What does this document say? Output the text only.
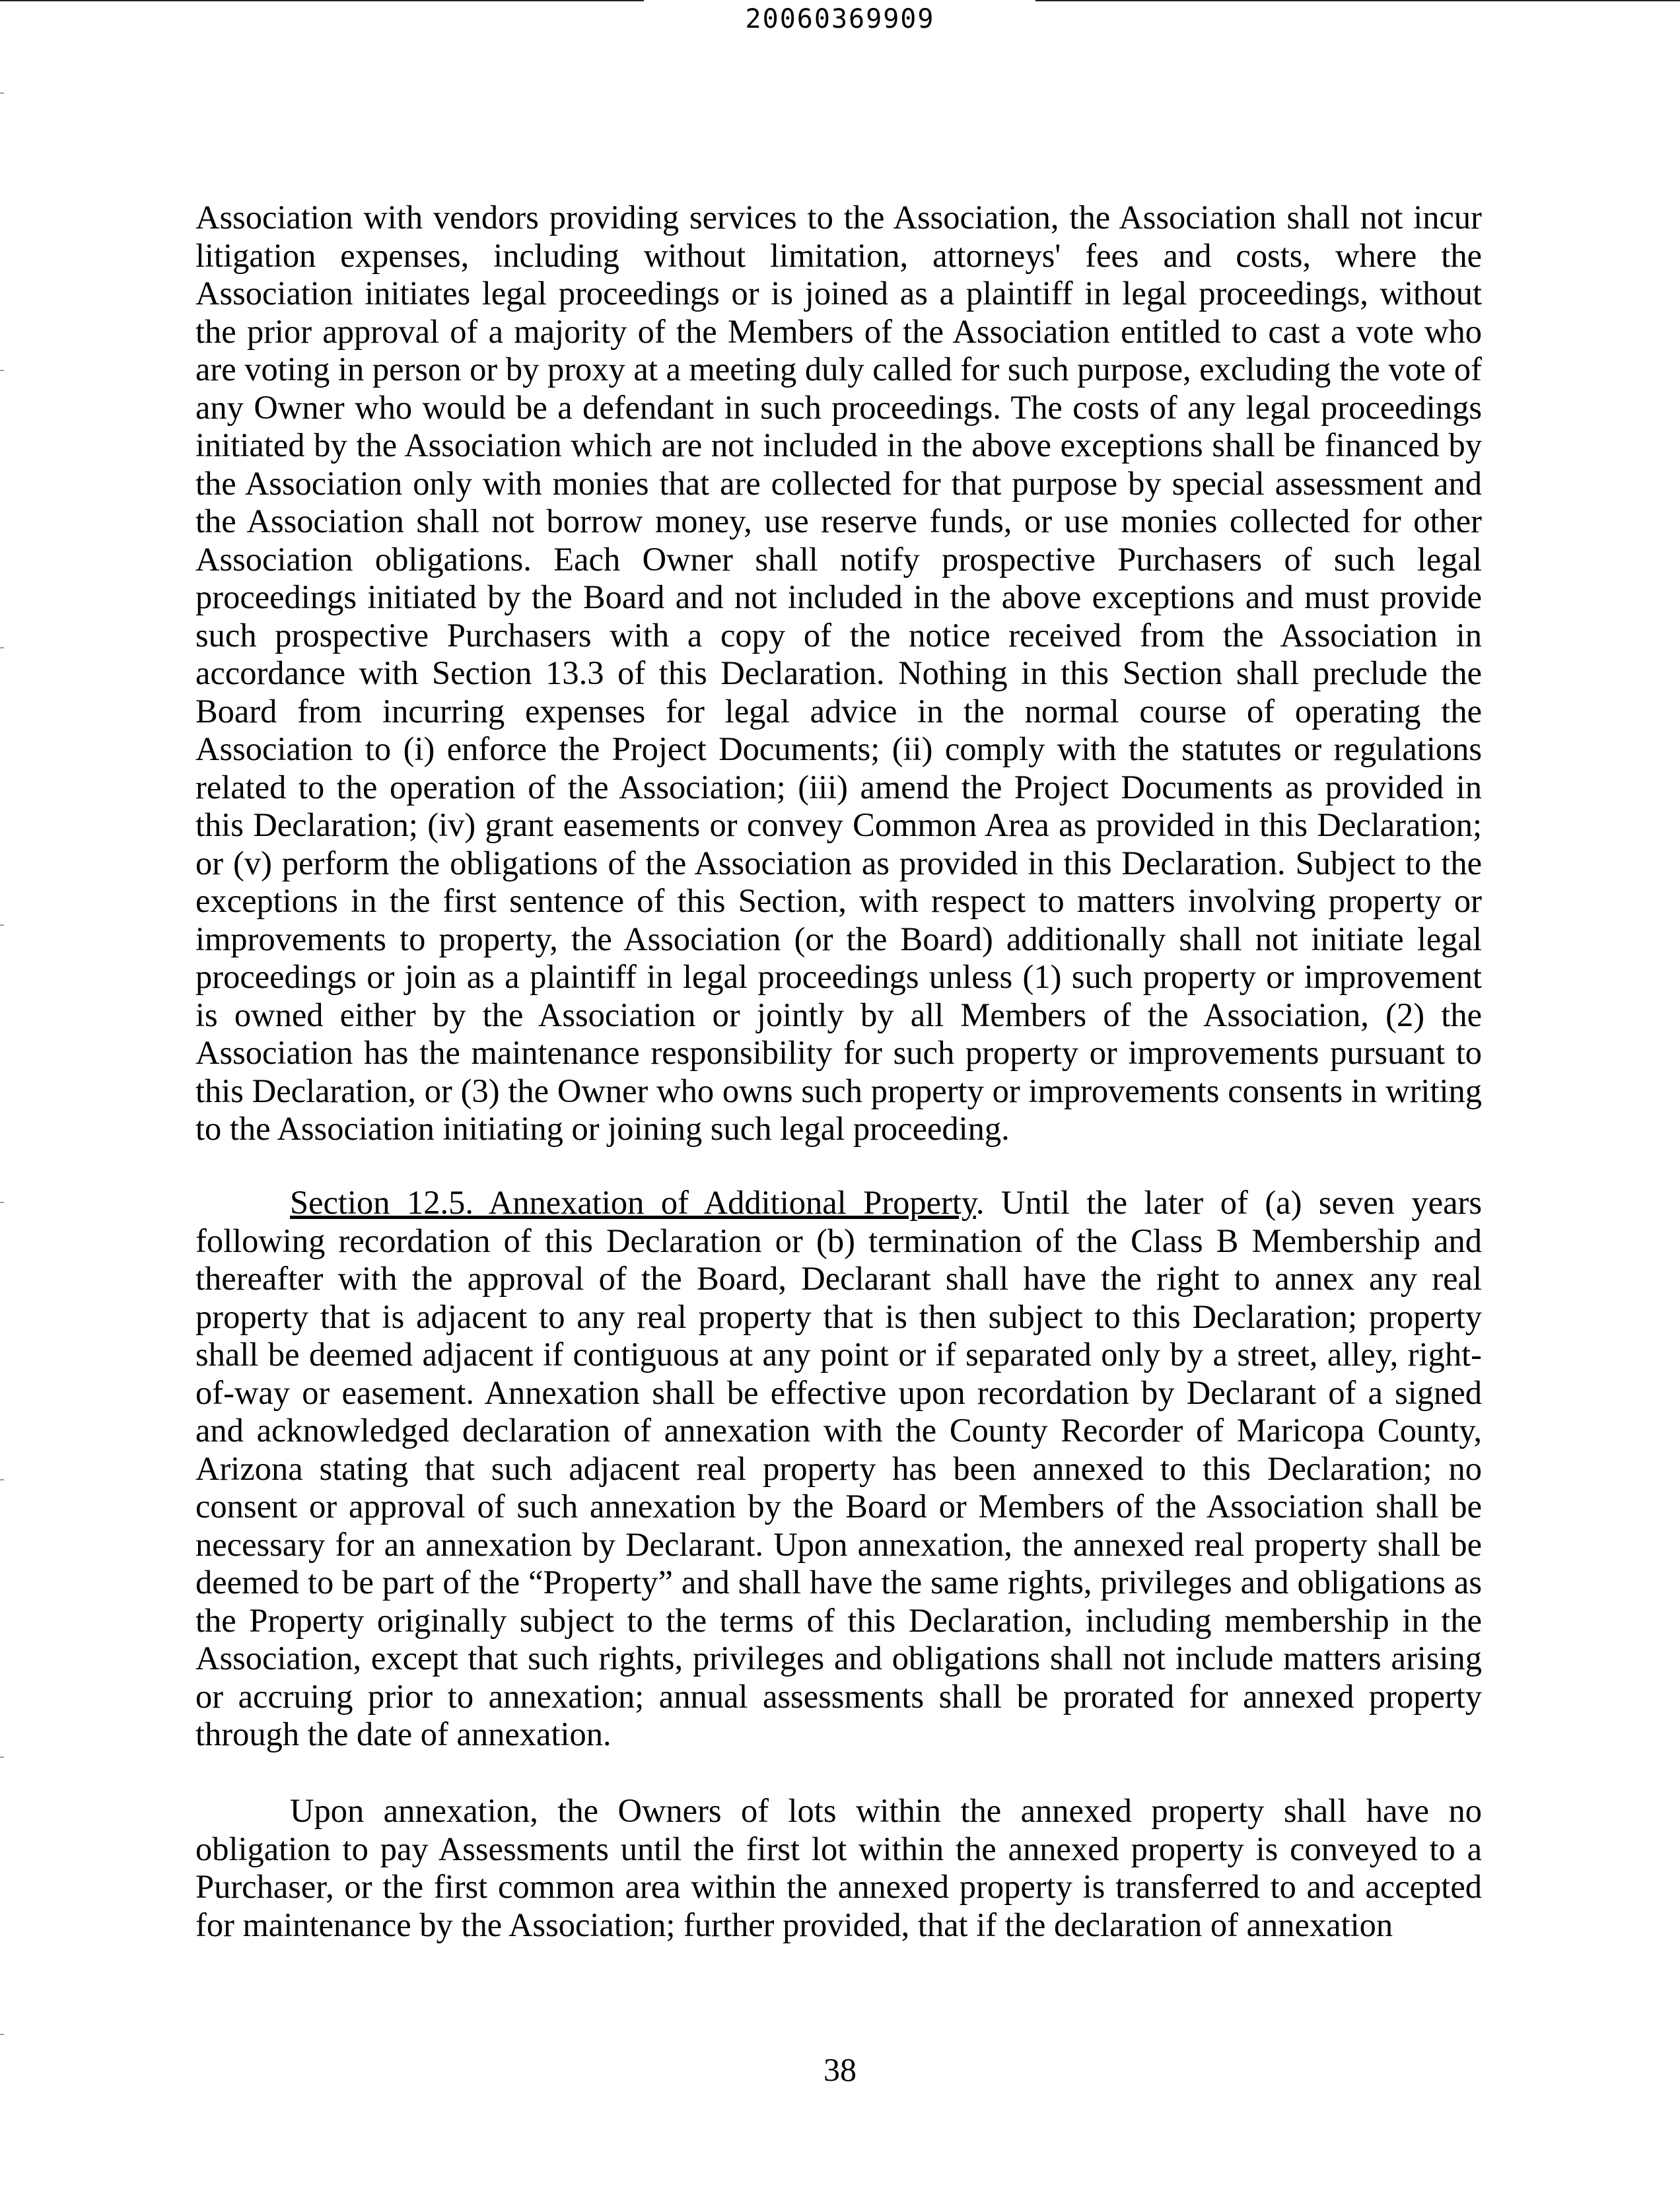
20060369909

Association with vendors providing services to the Association, the Association shall not incur litigation expenses, including without limitation, attorneys' fees and costs, where the Association initiates legal proceedings or is joined as a plaintiff in legal proceedings, without the prior approval of a majority of the Members of the Association entitled to cast a vote who are voting in person or by proxy at a meeting duly called for such purpose, excluding the vote of any Owner who would be a defendant in such proceedings. The costs of any legal proceedings initiated by the Association which are not included in the above exceptions shall be financed by the Association only with monies that are collected for that purpose by special assessment and the Association shall not borrow money, use reserve funds, or use monies collected for other Association obligations. Each Owner shall notify prospective Purchasers of such legal proceedings initiated by the Board and not included in the above exceptions and must provide such prospective Purchasers with a copy of the notice received from the Association in accordance with Section 13.3 of this Declaration. Nothing in this Section shall preclude the Board from incurring expenses for legal advice in the normal course of operating the Association to (i) enforce the Project Documents; (ii) comply with the statutes or regulations related to the operation of the Association; (iii) amend the Project Documents as provided in this Declaration; (iv) grant easements or convey Common Area as provided in this Declaration; or (v) perform the obligations of the Association as provided in this Declaration. Subject to the exceptions in the first sentence of this Section, with respect to matters involving property or improvements to property, the Association (or the Board) additionally shall not initiate legal proceedings or join as a plaintiff in legal proceedings unless (1) such property or improvement is owned either by the Association or jointly by all Members of the Association, (2) the Association has the maintenance responsibility for such property or improvements pursuant to this Declaration, or (3) the Owner who owns such property or improvements consents in writing to the Association initiating or joining such legal proceeding.

Section 12.5. Annexation of Additional Property. Until the later of (a) seven years following recordation of this Declaration or (b) termination of the Class B Membership and thereafter with the approval of the Board, Declarant shall have the right to annex any real property that is adjacent to any real property that is then subject to this Declaration; property shall be deemed adjacent if contiguous at any point or if separated only by a street, alley, right-of-way or easement. Annexation shall be effective upon recordation by Declarant of a signed and acknowledged declaration of annexation with the County Recorder of Maricopa County, Arizona stating that such adjacent real property has been annexed to this Declaration; no consent or approval of such annexation by the Board or Members of the Association shall be necessary for an annexation by Declarant. Upon annexation, the annexed real property shall be deemed to be part of the “Property” and shall have the same rights, privileges and obligations as the Property originally subject to the terms of this Declaration, including membership in the Association, except that such rights, privileges and obligations shall not include matters arising or accruing prior to annexation; annual assessments shall be prorated for annexed property through the date of annexation.

Upon annexation, the Owners of lots within the annexed property shall have no obligation to pay Assessments until the first lot within the annexed property is conveyed to a Purchaser, or the first common area within the annexed property is transferred to and accepted for maintenance by the Association; further provided, that if the declaration of annexation

38
